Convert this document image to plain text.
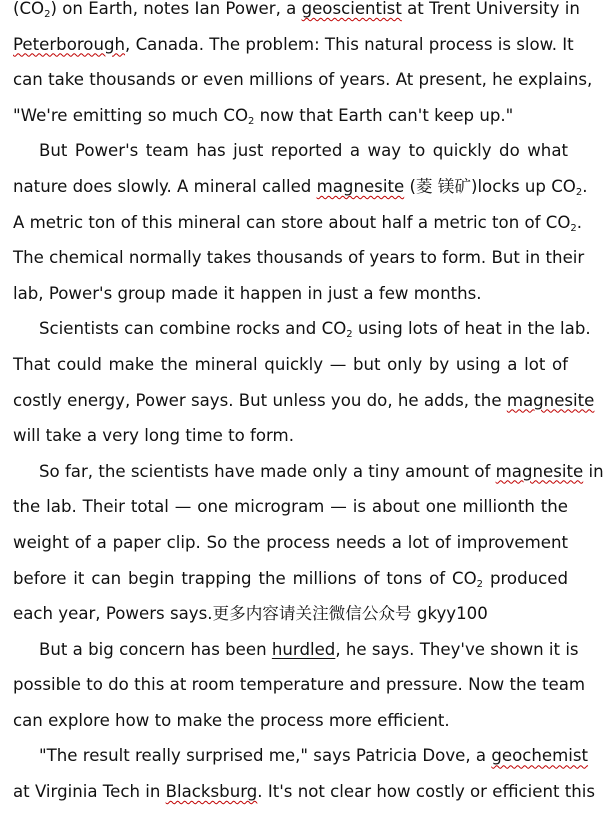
$(CO_2)$ on Earth, notes Ian Power, a geoscientist at Trent University in
Peterborough, Canada. The problem: This natural process is slow. It
can take thousands or even millions of years. At present, he explains,
"We're emitting so much $CO_2$ now that Earth can't keep up."
But Power's team has just reported a way to quickly do what
nature does slowly. A mineral called magnesite (菱 镁矿)locks up $CO_2$.
A metric ton of this mineral can store about half a metric ton of $CO_2$.
The chemical normally takes thousands of years to form. But in their
lab, Power's group made it happen in just a few months.
Scientists can combine rocks and $CO_2$ using lots of heat in the lab.
That could make the mineral quickly — but only by using a lot of
costly energy, Power says. But unless you do, he adds, the magnesite
will take a very long time to form.
So far, the scientists have made only a tiny amount of magnesite in
the lab. Their total — one microgram — is about one millionth the
weight of a paper clip. So the process needs a lot of improvement
before it can begin trapping the millions of tons of $CO_2$ produced
each year, Powers says.更多内容请关注微信公众号 gkyy100
But a big concern has been hurdled, he says. They've shown it is
possible to do this at room temperature and pressure. Now the team
can explore how to make the process more efficient.
"The result really surprised me," says Patricia Dove, a geochemist
at Virginia Tech in Blacksburg. It's not clear how costly or efficient this
